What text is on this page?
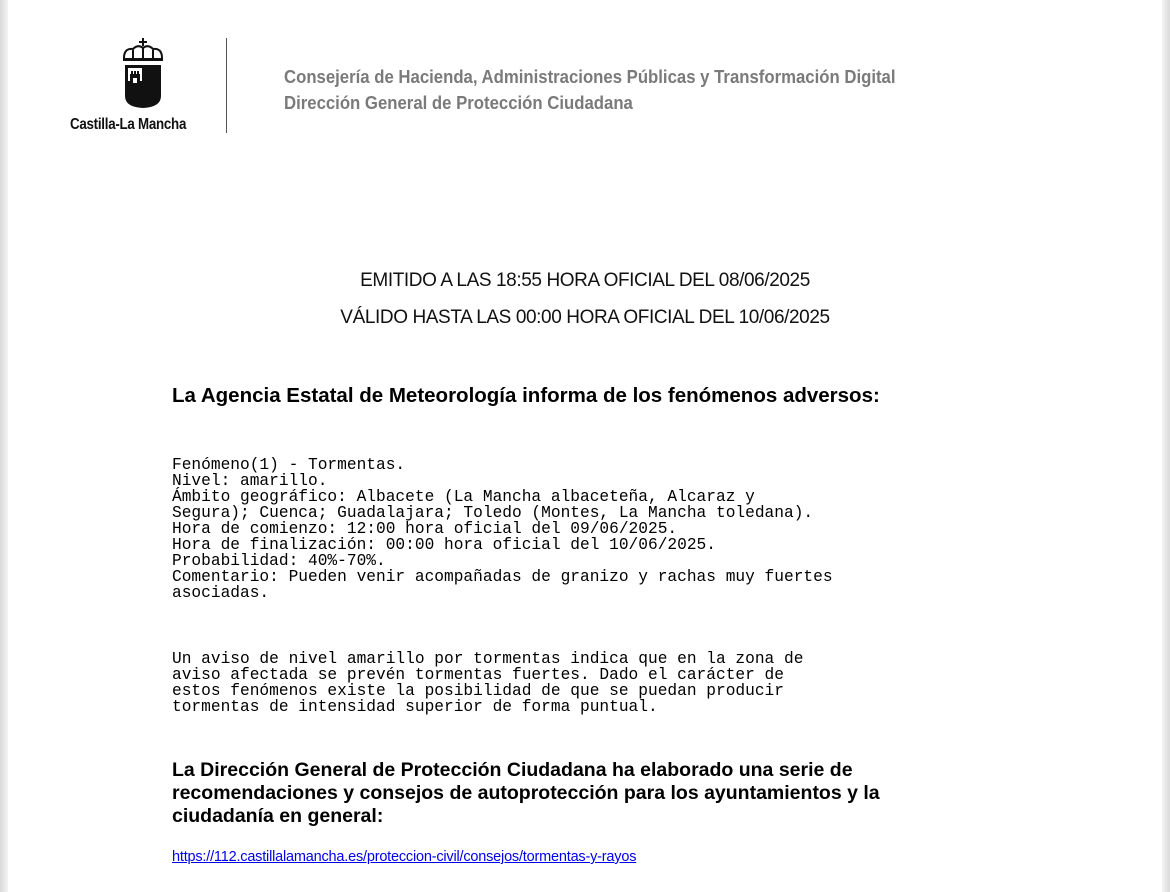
Castilla-La Mancha
Consejería de Hacienda, Administraciones Públicas y Transformación Digital
Dirección General de Protección Ciudadana
EMITIDO A LAS 18:55 HORA OFICIAL DEL 08/06/2025
VÁLIDO HASTA LAS 00:00 HORA OFICIAL DEL 10/06/2025
La Agencia Estatal de Meteorología informa de los fenómenos adversos:
Fenómeno(1) - Tormentas.
Nivel: amarillo.
Ámbito geográfico: Albacete (La Mancha albaceteña, Alcaraz y
Segura); Cuenca; Guadalajara; Toledo (Montes, La Mancha toledana).
Hora de comienzo: 12:00 hora oficial del 09/06/2025.
Hora de finalización: 00:00 hora oficial del 10/06/2025.
Probabilidad: 40%-70%.
Comentario: Pueden venir acompañadas de granizo y rachas muy fuertes
asociadas.
Un aviso de nivel amarillo por tormentas indica que en la zona de
aviso afectada se prevén tormentas fuertes. Dado el carácter de
estos fenómenos existe la posibilidad de que se puedan producir
tormentas de intensidad superior de forma puntual.
La Dirección General de Protección Ciudadana ha elaborado una serie de recomendaciones y consejos de autoprotección para los ayuntamientos y la ciudadanía en general:
https://112.castillalamancha.es/proteccion-civil/consejos/tormentas-y-rayos
